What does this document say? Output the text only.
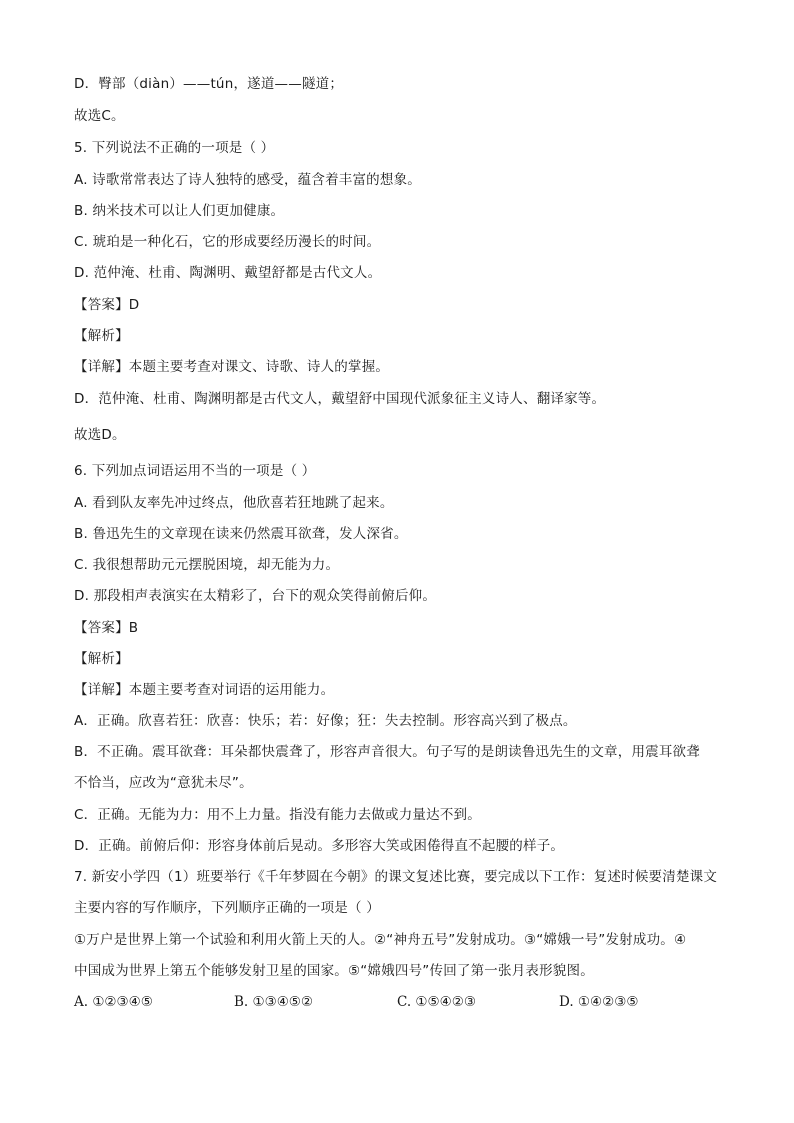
D．臀部（diàn）——tún，遂道——隧道；
故选C。
5. 下列说法不正确的一项是（ ）
A. 诗歌常常表达了诗人独特的感受，蕴含着丰富的想象。
B. 纳米技术可以让人们更加健康。
C. 琥珀是一种化石，它的形成要经历漫长的时间。
D. 范仲淹、杜甫、陶渊明、戴望舒都是古代文人。
【答案】D
【解析】
【详解】本题主要考查对课文、诗歌、诗人的掌握。
D．范仲淹、杜甫、陶渊明都是古代文人，戴望舒中国现代派象征主义诗人、翻译家等。
故选D。
6. 下列加点词语运用不当的一项是（ ）
A. 看到队友率先冲过终点，他欣喜若狂地跳了起来。
B. 鲁迅先生的文章现在读来仍然震耳欲聋，发人深省。
C. 我很想帮助元元摆脱困境，却无能为力。
D. 那段相声表演实在太精彩了，台下的观众笑得前俯后仰。
【答案】B
【解析】
【详解】本题主要考查对词语的运用能力。
A．正确。欣喜若狂：欣喜：快乐；若：好像；狂：失去控制。形容高兴到了极点。
B．不正确。震耳欲聋：耳朵都快震聋了，形容声音很大。句子写的是朗读鲁迅先生的文章，用震耳欲聋
不恰当，应改为“意犹未尽”。
C．正确。无能为力：用不上力量。指没有能力去做或力量达不到。
D．正确。前俯后仰：形容身体前后晃动。多形容大笑或困倦得直不起腰的样子。
7. 新安小学四（1）班要举行《千年梦圆在今朝》的课文复述比赛，要完成以下工作：复述时候要清楚课文
主要内容的写作顺序，下列顺序正确的一项是（ ）
①万户是世界上第一个试验和利用火箭上天的人。②“神舟五号”发射成功。③“嫦娥一号”发射成功。④
中国成为世界上第五个能够发射卫星的国家。⑤“嫦娥四号”传回了第一张月表形貌图。
A. ①②③④⑤	B. ①③④⑤②	C. ①⑤④②③	D. ①④②③⑤
